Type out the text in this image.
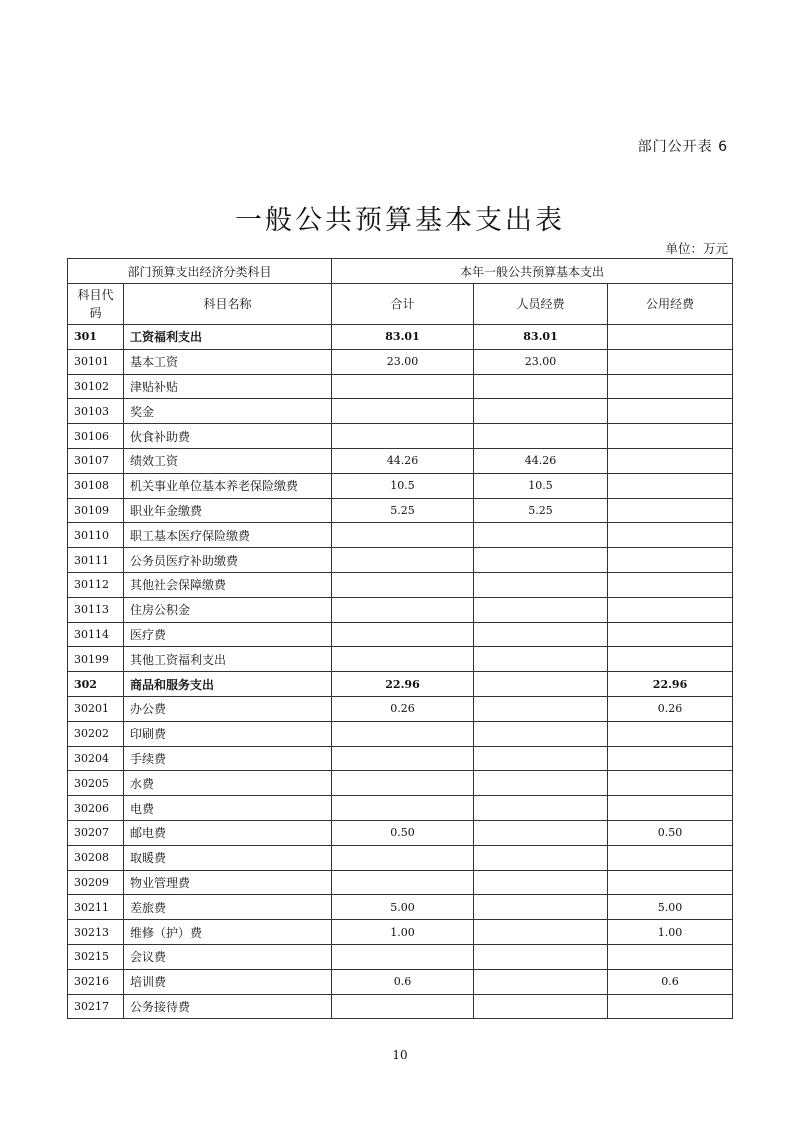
部门公开表 6
一般公共预算基本支出表
单位：万元
部门预算支出经济分类科目		本年一般公共预算基本支出		
科目代码	科目名称	合计	人员经费	公用经费
301	工资福利支出	83.01	83.01	
30101	基本工资	23.00	23.00	
30102	津贴补贴			
30103	奖金			
30106	伙食补助费			
30107	绩效工资	44.26	44.26	
30108	机关事业单位基本养老保险缴费	10.5	10.5	
30109	职业年金缴费	5.25	5.25	
30110	职工基本医疗保险缴费			
30111	公务员医疗补助缴费			
30112	其他社会保障缴费			
30113	住房公积金			
30114	医疗费			
30199	其他工资福利支出			
302	商品和服务支出	22.96		22.96
30201	办公费	0.26		0.26
30202	印刷费			
30204	手续费			
30205	水费			
30206	电费			
30207	邮电费	0.50		0.50
30208	取暖费			
30209	物业管理费			
30211	差旅费	5.00		5.00
30213	维修（护）费	1.00		1.00
30215	会议费			
30216	培训费	0.6		0.6
30217	公务接待费			
10
